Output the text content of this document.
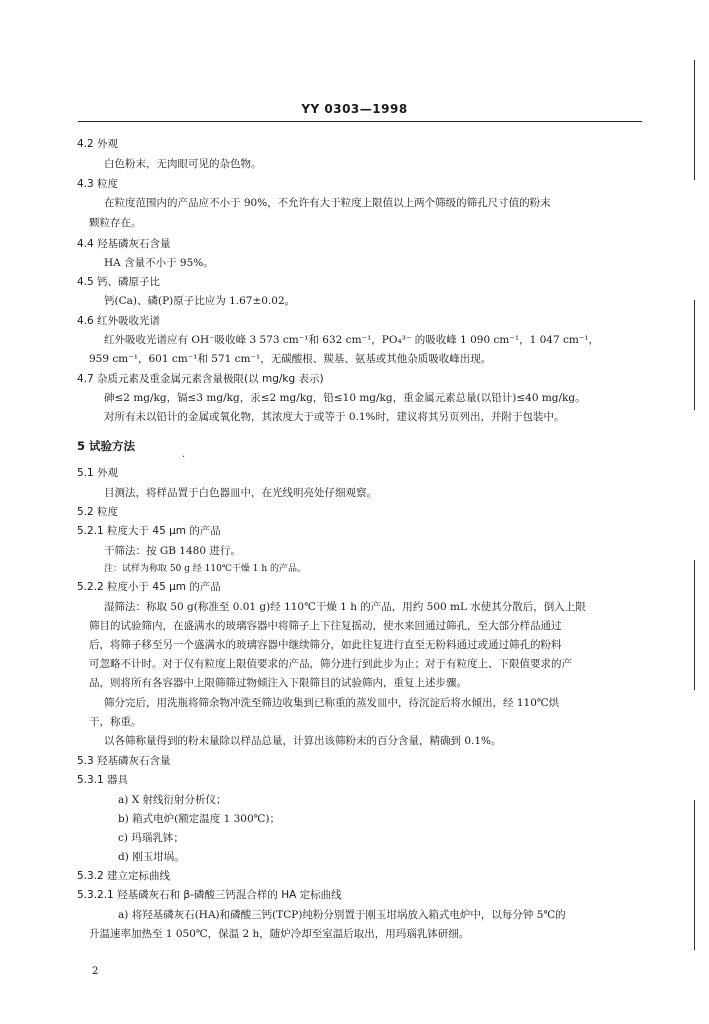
YY 0303—1998
4.2 外观
白色粉末，无肉眼可见的杂色物。
4.3 粒度
在粒度范围内的产品应不小于 90%，不允许有大于粒度上限值以上两个筛级的筛孔尺寸值的粉末
颗粒存在。
4.4 羟基磷灰石含量
HA 含量不小于 95%。
4.5 钙、磷原子比
钙(Ca)、磷(P)原子比应为 1.67±0.02。
4.6 红外吸收光谱
红外吸收光谱应有 OH⁻吸收峰 3 573 cm⁻¹和 632 cm⁻¹，PO₄³⁻ 的吸收峰 1 090 cm⁻¹，1 047 cm⁻¹，
959 cm⁻¹，601 cm⁻¹和 571 cm⁻¹，无碳酸根、羰基、氨基或其他杂质吸收峰出现。
4.7 杂质元素及重金属元素含量极限(以 mg/kg 表示)
砷≤2 mg/kg，镉≤3 mg/kg，汞≤2 mg/kg，铅≤10 mg/kg，重金属元素总量(以铅计)≤40 mg/kg。
对所有未以铅计的金属或氧化物，其浓度大于或等于 0.1%时，建议将其另页列出，并附于包装中。
5 试验方法
·
5.1 外观
目测法，将样品置于白色器皿中，在光线明亮处仔细观察。
5.2 粒度
5.2.1 粒度大于 45 μm 的产品
干筛法：按 GB 1480 进行。
注：试样为称取 50 g 经 110℃干燥 1 h 的产品。
5.2.2 粒度小于 45 μm 的产品
湿筛法：称取 50 g(称准至 0.01 g)经 110℃干燥 1 h 的产品，用约 500 mL 水使其分散后，倒入上限
筛目的试验筛内，在盛满水的玻璃容器中将筛子上下往复摇动，使水来回通过筛孔，至大部分样品通过
后，将筛子移至另一个盛满水的玻璃容器中继续筛分，如此往复进行直至无粉料通过或通过筛孔的粉料
可忽略不计时。对于仅有粒度上限值要求的产品，筛分进行到此步为止；对于有粒度上、下限值要求的产
品，则将所有各容器中上限筛筛过物倾注入下限筛目的试验筛内，重复上述步骤。
筛分完后，用洗瓶将筛余物冲洗至筛边收集到已称重的蒸发皿中，待沉淀后将水倾出，经 110℃烘
干，称重。
以各筛称量得到的粉末量除以样品总量，计算出该筛粉末的百分含量，精确到 0.1%。
5.3 羟基磷灰石含量
5.3.1 器具
a) X 射线衍射分析仪；
b) 箱式电炉(额定温度 1 300℃)；
c) 玛瑙乳钵；
d) 刚玉坩埚。
5.3.2 建立定标曲线
5.3.2.1 羟基磷灰石和 β-磷酸三钙混合样的 HA 定标曲线
a) 将羟基磷灰石(HA)和磷酸三钙(TCP)纯粉分别置于刚玉坩埚放入箱式电炉中，以每分钟 5℃的
升温速率加热至 1 050℃，保温 2 h，随炉冷却至室温后取出，用玛瑙乳钵研细。
2
